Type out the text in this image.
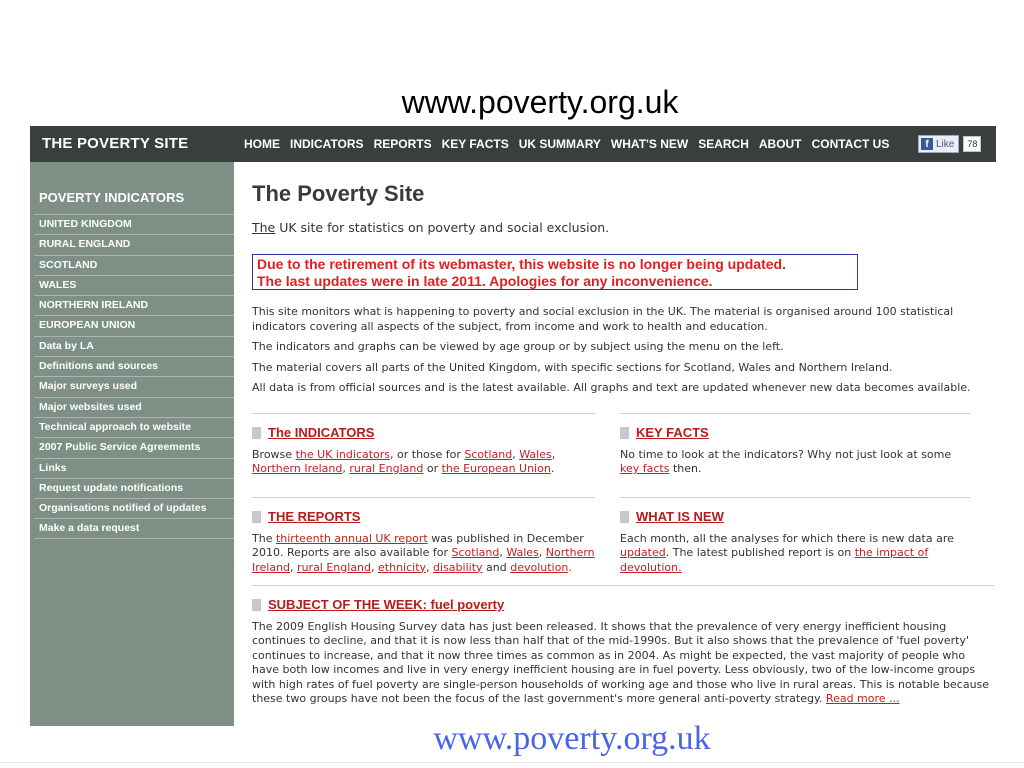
www.poverty.org.uk
THE POVERTY SITE	HOME INDICATORS REPORTS KEY FACTS UK SUMMARY WHAT'S NEW SEARCH ABOUT CONTACT US	f Like	78
POVERTY INDICATORS
UNITED KINGDOM
RURAL ENGLAND
SCOTLAND
WALES
NORTHERN IRELAND
EUROPEAN UNION
Data by LA
Definitions and sources
Major surveys used
Major websites used
Technical approach to website
2007 Public Service Agreements
Links
Request update notifications
Organisations notified of updates
Make a data request
The Poverty Site
The UK site for statistics on poverty and social exclusion.
Due to the retirement of its webmaster, this website is no longer being updated.
The last updates were in late 2011. Apologies for any inconvenience.

This site monitors what is happening to poverty and social exclusion in the UK. The material is organised around 100 statistical indicators covering all aspects of the subject, from income and work to health and education.

The indicators and graphs can be viewed by age group or by subject using the menu on the left.

The material covers all parts of the United Kingdom, with specific sections for Scotland, Wales and Northern Ireland.

All data is from official sources and is the latest available. All graphs and text are updated whenever new data becomes available.

The INDICATORS
Browse the UK indicators, or those for Scotland, Wales,
Northern Ireland, rural England or the European Union.
KEY FACTS
No time to look at the indicators? Why not just look at some key facts then.
THE REPORTS
The thirteenth annual UK report was published in December 2010. Reports are also available for Scotland, Wales, Northern Ireland, rural England, ethnicity, disability and devolution.
WHAT IS NEW
Each month, all the analyses for which there is new data are updated. The latest published report is on the impact of devolution.
SUBJECT OF THE WEEK: fuel poverty
The 2009 English Housing Survey data has just been released. It shows that the prevalence of very energy inefficient housing continues to decline, and that it is now less than half that of the mid-1990s. But it also shows that the prevalence of 'fuel poverty' continues to increase, and that it now three times as common as in 2004. As might be expected, the vast majority of people who have both low incomes and live in very energy inefficient housing are in fuel poverty. Less obviously, two of the low-income groups with high rates of fuel poverty are single-person households of working age and those who live in rural areas. This is notable because these two groups have not been the focus of the last government's more general anti-poverty strategy. Read more ...
www.poverty.org.uk
